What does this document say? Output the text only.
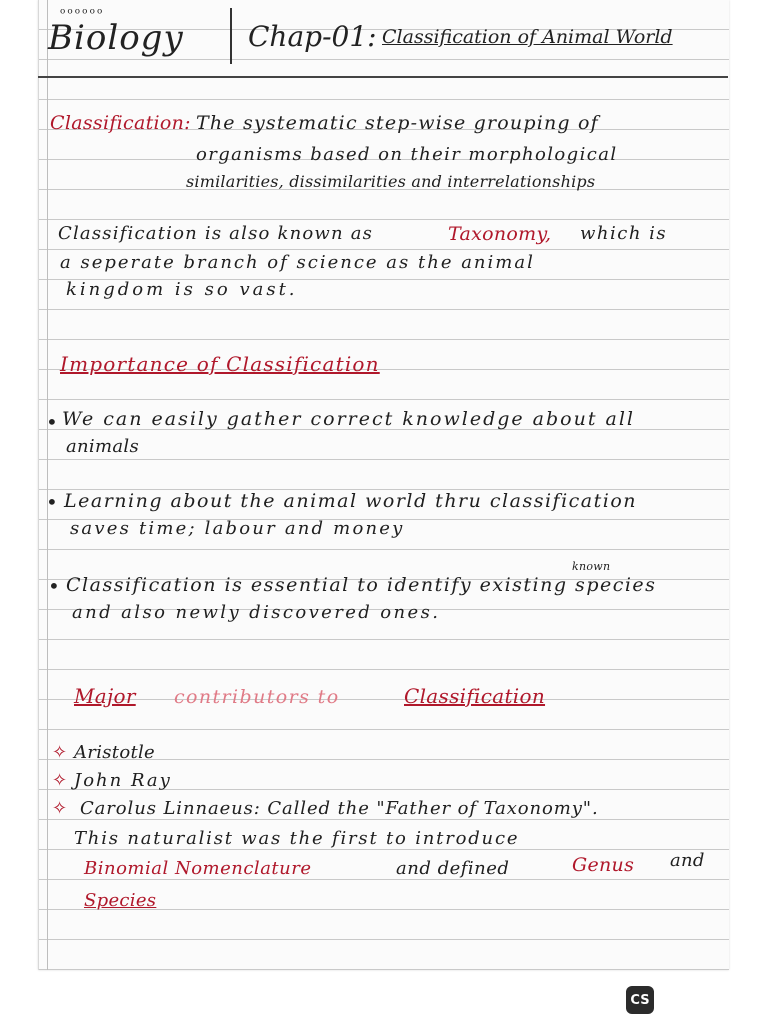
ᵒᵒᵒᵒᵒᵒ
Biology Chap-01: Classification of Animal World
Classification: The systematic step-wise grouping of
organisms based on their morphological
similarities, dissimilarities and interrelationships
Classification is also known as	Taxonomy, which is
a seperate branch of science as the animal
kingdom is so vast.
Importance of Classification
• We can easily gather correct knowledge about all
animals
• Learning about the animal world thru classification
saves time; labour and money
•
known
Classification is essential to identify existing species
and also newly discovered ones.
Major contributors to	Classification
✧ Aristotle
✧ John Ray
✧ Carolus Linnaeus: Called the "Father of Taxonomy".
This naturalist was the first to introduce
Binomial Nomenclature	and defined	Genus and
Species
CS
